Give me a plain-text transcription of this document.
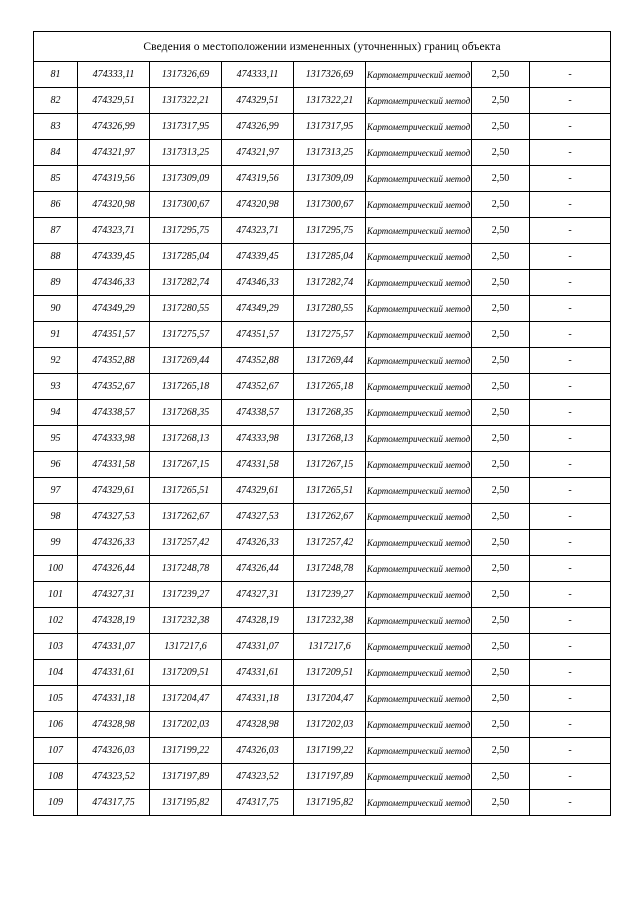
Сведения о местоположении измененных (уточненных) границ объекта							
81	474333,11	1317326,69	474333,11	1317326,69	Картометрический метод	2,50	-
82	474329,51	1317322,21	474329,51	1317322,21	Картометрический метод	2,50	-
83	474326,99	1317317,95	474326,99	1317317,95	Картометрический метод	2,50	-
84	474321,97	1317313,25	474321,97	1317313,25	Картометрический метод	2,50	-
85	474319,56	1317309,09	474319,56	1317309,09	Картометрический метод	2,50	-
86	474320,98	1317300,67	474320,98	1317300,67	Картометрический метод	2,50	-
87	474323,71	1317295,75	474323,71	1317295,75	Картометрический метод	2,50	-
88	474339,45	1317285,04	474339,45	1317285,04	Картометрический метод	2,50	-
89	474346,33	1317282,74	474346,33	1317282,74	Картометрический метод	2,50	-
90	474349,29	1317280,55	474349,29	1317280,55	Картометрический метод	2,50	-
91	474351,57	1317275,57	474351,57	1317275,57	Картометрический метод	2,50	-
92	474352,88	1317269,44	474352,88	1317269,44	Картометрический метод	2,50	-
93	474352,67	1317265,18	474352,67	1317265,18	Картометрический метод	2,50	-
94	474338,57	1317268,35	474338,57	1317268,35	Картометрический метод	2,50	-
95	474333,98	1317268,13	474333,98	1317268,13	Картометрический метод	2,50	-
96	474331,58	1317267,15	474331,58	1317267,15	Картометрический метод	2,50	-
97	474329,61	1317265,51	474329,61	1317265,51	Картометрический метод	2,50	-
98	474327,53	1317262,67	474327,53	1317262,67	Картометрический метод	2,50	-
99	474326,33	1317257,42	474326,33	1317257,42	Картометрический метод	2,50	-
100	474326,44	1317248,78	474326,44	1317248,78	Картометрический метод	2,50	-
101	474327,31	1317239,27	474327,31	1317239,27	Картометрический метод	2,50	-
102	474328,19	1317232,38	474328,19	1317232,38	Картометрический метод	2,50	-
103	474331,07	1317217,6	474331,07	1317217,6	Картометрический метод	2,50	-
104	474331,61	1317209,51	474331,61	1317209,51	Картометрический метод	2,50	-
105	474331,18	1317204,47	474331,18	1317204,47	Картометрический метод	2,50	-
106	474328,98	1317202,03	474328,98	1317202,03	Картометрический метод	2,50	-
107	474326,03	1317199,22	474326,03	1317199,22	Картометрический метод	2,50	-
108	474323,52	1317197,89	474323,52	1317197,89	Картометрический метод	2,50	-
109	474317,75	1317195,82	474317,75	1317195,82	Картометрический метод	2,50	-
